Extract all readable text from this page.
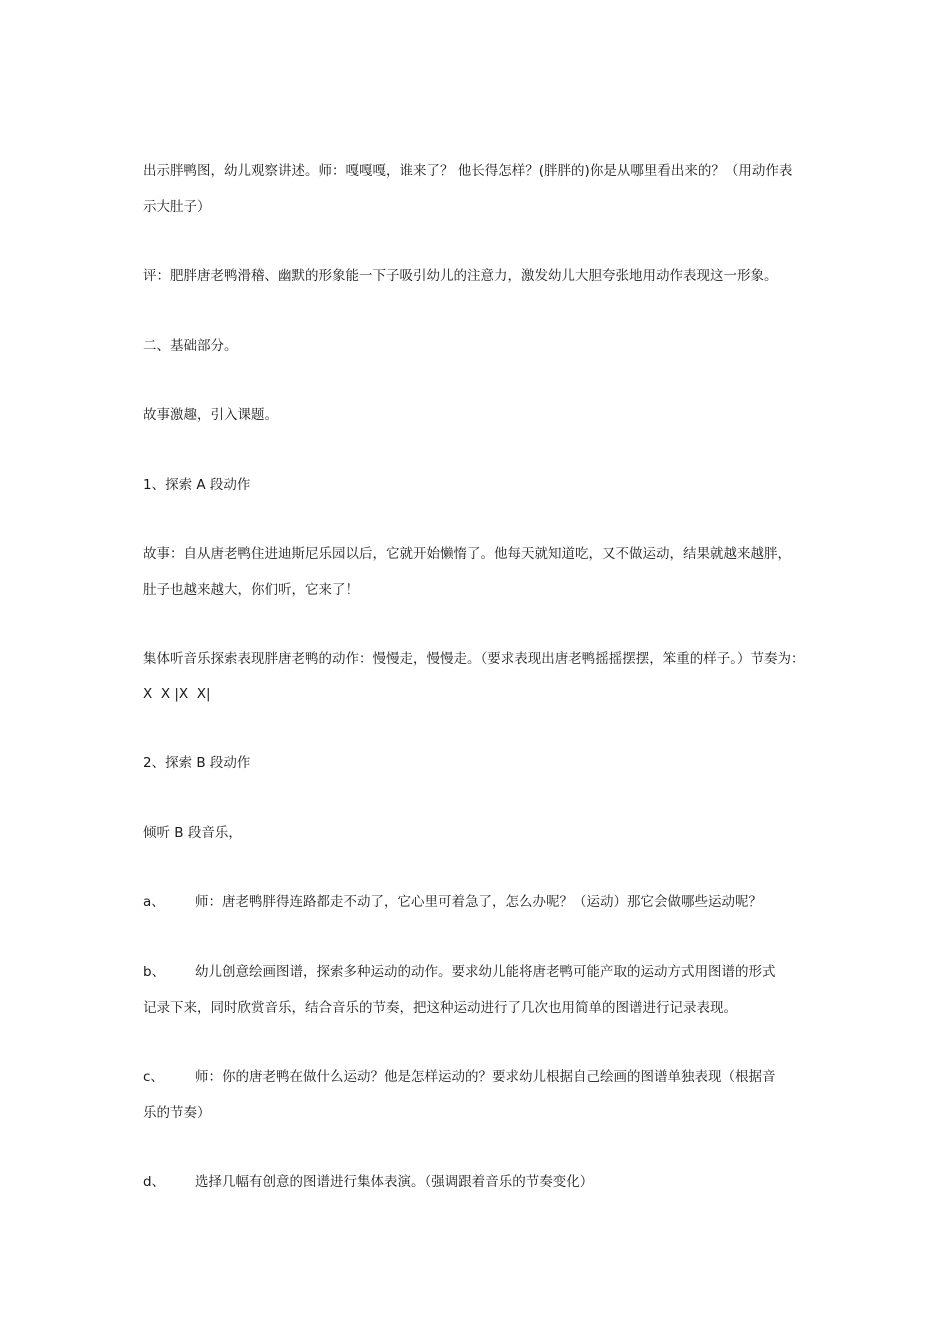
出示胖鸭图，幼儿观察讲述。师：嘎嘎嘎，谁来了？ 他长得怎样？(胖胖的)你是从哪里看出来的？（用动作表
示大肚子）
评：肥胖唐老鸭滑稽、幽默的形象能一下子吸引幼儿的注意力，激发幼儿大胆夸张地用动作表现这一形象。
二、基础部分。
故事激趣，引入课题。
1、探索 A 段动作
故事：自从唐老鸭住进迪斯尼乐园以后，它就开始懒惰了。他每天就知道吃，又不做运动，结果就越来越胖，
肚子也越来越大，你们听，它来了！
集体听音乐探索表现胖唐老鸭的动作：慢慢走，慢慢走。（要求表现出唐老鸭摇摇摆摆，笨重的样子。）节奏为：
X  X |X  X|
2、探索 B 段动作
倾听 B 段音乐，
a、 师：唐老鸭胖得连路都走不动了，它心里可着急了，怎么办呢？（运动）那它会做哪些运动呢？
b、 幼儿创意绘画图谱，探索多种运动的动作。要求幼儿能将唐老鸭可能产取的运动方式用图谱的形式
记录下来，同时欣赏音乐，结合音乐的节奏，把这种运动进行了几次也用简单的图谱进行记录表现。
c、 师：你的唐老鸭在做什么运动？他是怎样运动的？要求幼儿根据自己绘画的图谱单独表现（根据音
乐的节奏）
d、 选择几幅有创意的图谱进行集体表演。（强调跟着音乐的节奏变化）
